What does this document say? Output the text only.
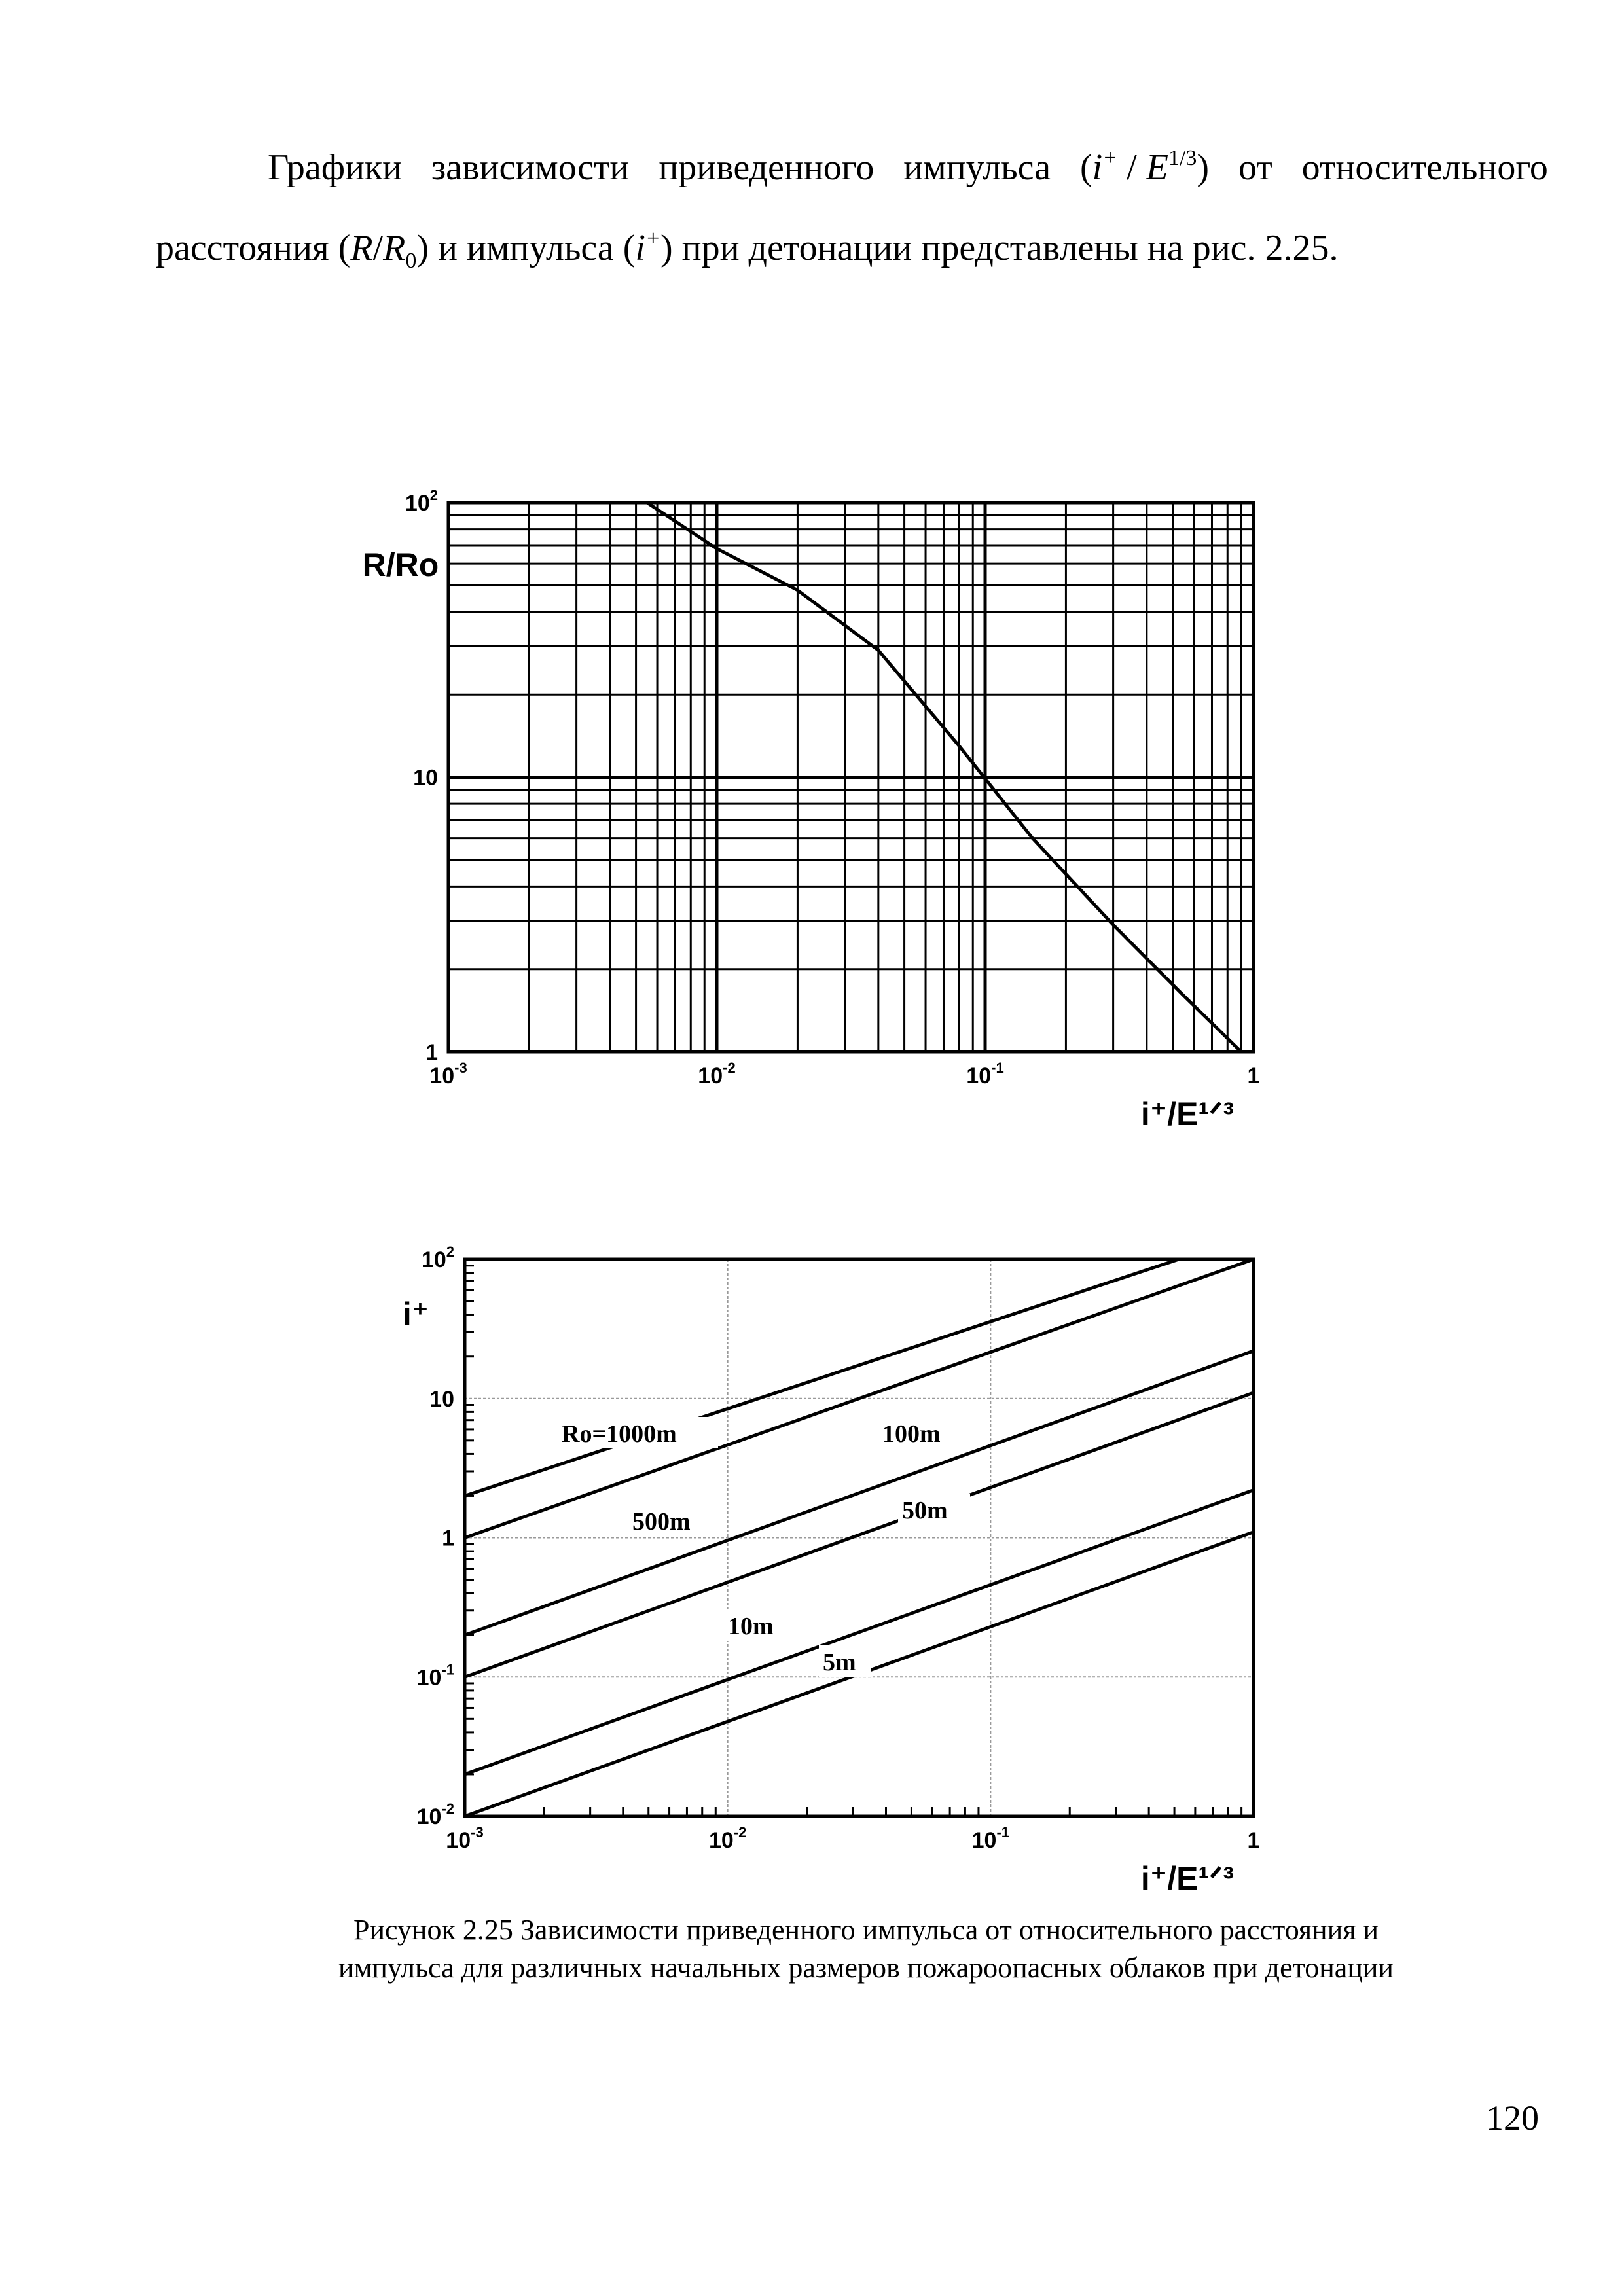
Графики зависимости приведенного импульса $(i^+ / E^{1/3})$ от относительного
расстояния $(R/R_0)$ и импульса (i+) при детонации представлены на рис. 2.25.
$10^{-3}$	$10^{-2}$	$10^{-1}$	1
1
10
$10^2$
R/Ro
i⁺/E¹ᐟ³
$10^{-3}$	$10^{-2}$	$10^{-1}$	1
$10^{-2}$
$10^{-1}$
1
10
$10^2$
i⁺
i⁺/E¹ᐟ³
Ro=1000m
500m
100m
50m
10m
5m
Рисунок 2.25 Зависимости приведенного импульса от относительного расстояния и
импульса для различных начальных размеров пожароопасных облаков при детонации
120
